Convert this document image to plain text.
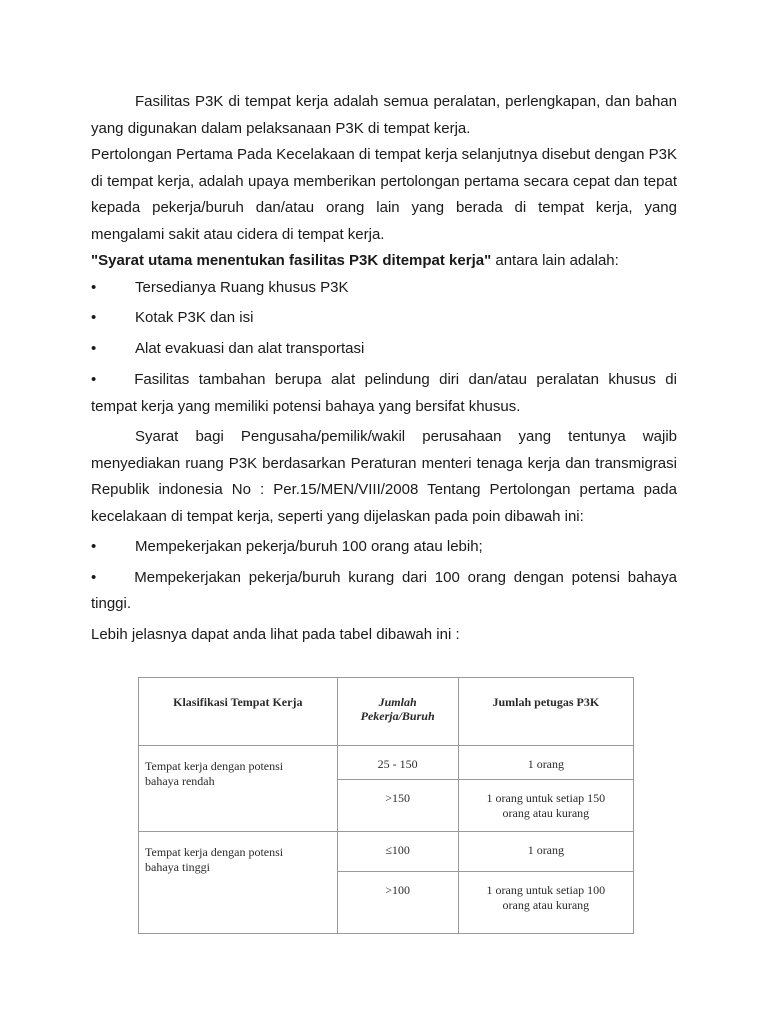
Fasilitas P3K di tempat kerja adalah semua peralatan, perlengkapan, dan bahan yang digunakan dalam pelaksanaan P3K di tempat kerja.

Pertolongan Pertama Pada Kecelakaan di tempat kerja selanjutnya disebut dengan P3K di tempat kerja, adalah upaya memberikan pertolongan pertama secara cepat dan tepat kepada pekerja/buruh dan/atau orang lain yang berada di tempat kerja, yang mengalami sakit atau cidera di tempat kerja.

"Syarat utama menentukan fasilitas P3K ditempat kerja" antara lain adalah:

•	Tersedianya Ruang khusus P3K

•	Kotak P3K dan isi

•	Alat evakuasi dan alat transportasi

•	Fasilitas tambahan berupa alat pelindung diri dan/atau peralatan khusus di tempat kerja yang memiliki potensi bahaya yang bersifat khusus.

Syarat bagi Pengusaha/pemilik/wakil perusahaan yang tentunya wajib menyediakan ruang P3K berdasarkan Peraturan menteri tenaga kerja dan transmigrasi Republik indonesia No : Per.15/MEN/VIII/2008 Tentang Pertolongan pertama pada kecelakaan di tempat kerja, seperti yang dijelaskan pada poin dibawah ini:

•	Mempekerjakan pekerja/buruh 100 orang atau lebih;

•	Mempekerjakan pekerja/buruh kurang dari 100 orang dengan potensi bahaya tinggi.

Lebih jelasnya dapat anda lihat pada tabel dibawah ini :

Klasifikasi Tempat Kerja	Jumlah Pekerja/Buruh	Jumlah petugas P3K
Tempat kerja dengan potensi bahaya rendah	25 - 150	1 orang
	>150	1 orang untuk setiap 150 orang atau kurang
Tempat kerja dengan potensi bahaya tinggi	≤100	1 orang
	>100	1 orang untuk setiap 100 orang atau kurang
